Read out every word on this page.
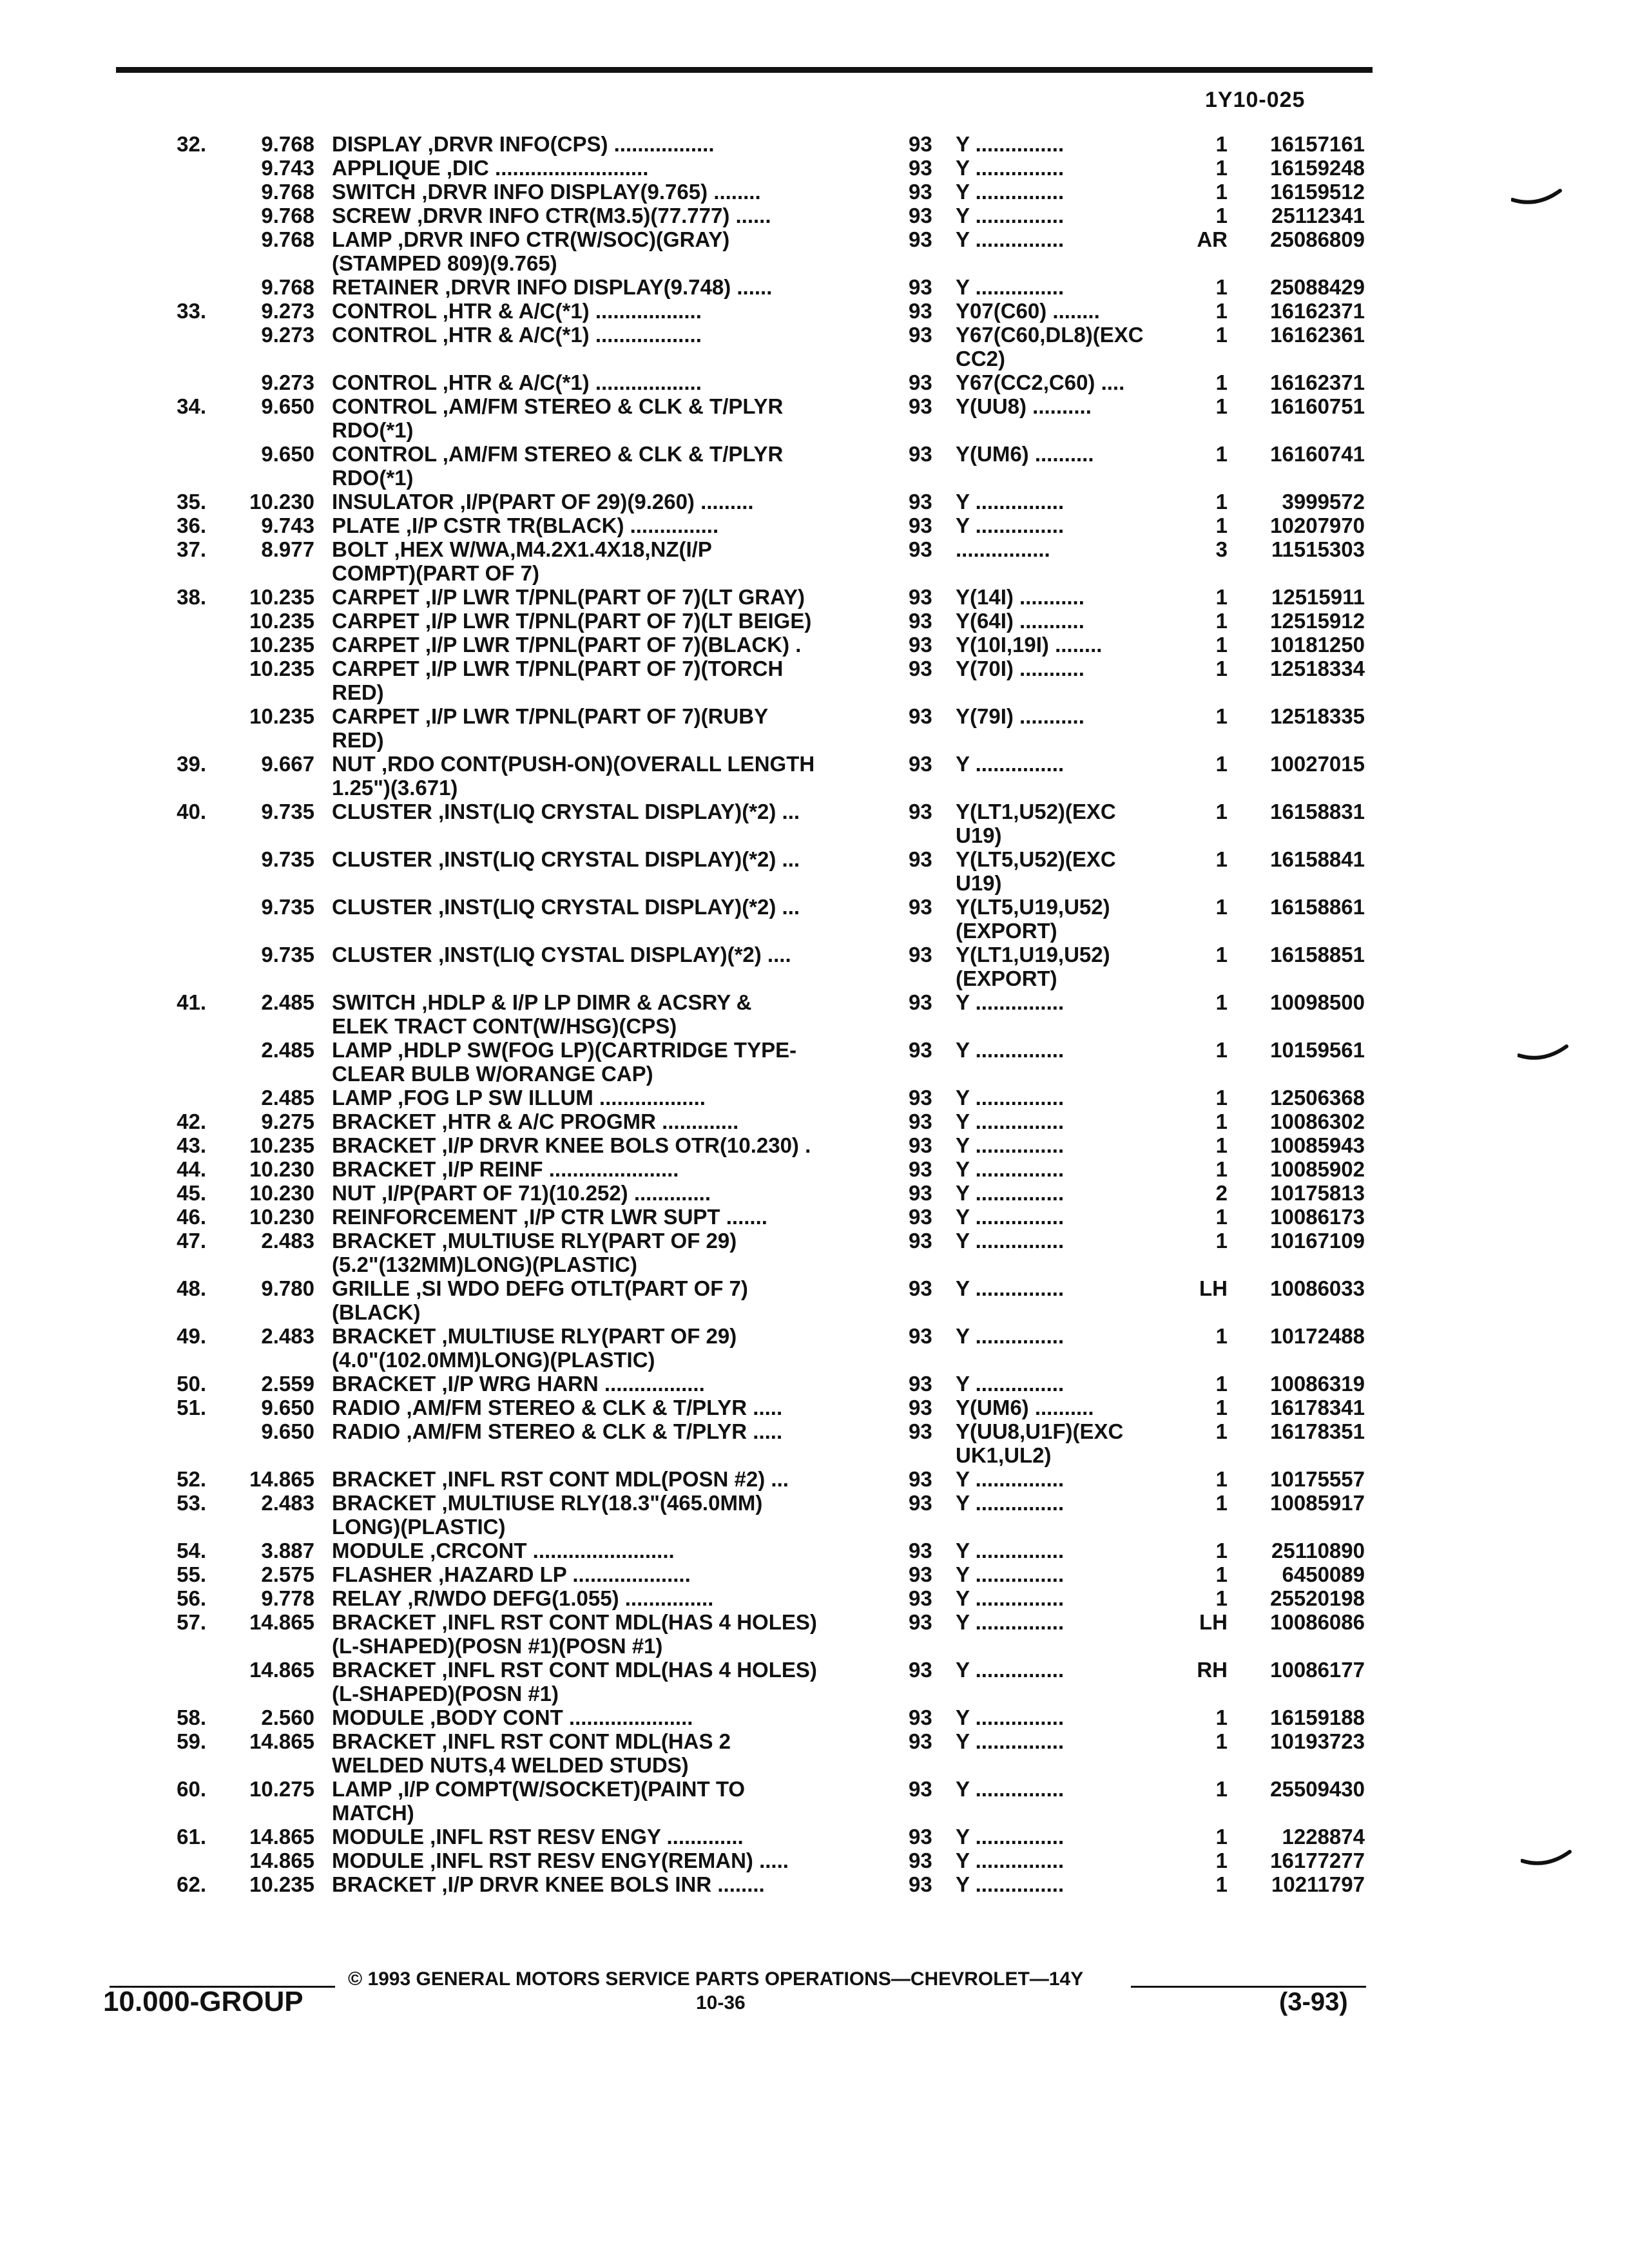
1Y10-025
32.	9.768 DISPLAY ,DRVR INFO(CPS) .................	93 Y ...............	1	16157161
9.743 APPLIQUE ,DIC ..........................	93 Y ...............	1	16159248
9.768 SWITCH ,DRVR INFO DISPLAY(9.765) ........	93 Y ...............	1	16159512
9.768 SCREW ,DRVR INFO CTR(M3.5)(77.777) ......	93 Y ...............	1	25112341
9.768 LAMP ,DRVR INFO CTR(W/SOC)(GRAY)	93 Y ...............	AR	25086809
(STAMPED 809)(9.765)
9.768 RETAINER ,DRVR INFO DISPLAY(9.748) ......	93 Y ...............	1	25088429
33.	9.273 CONTROL ,HTR & A/C(*1) ..................	93 Y07(C60) ........	1	16162371
9.273 CONTROL ,HTR & A/C(*1) ..................	93 Y67(C60,DL8)(EXC	1	16162361
CC2)
9.273 CONTROL ,HTR & A/C(*1) ..................	93 Y67(CC2,C60) ....	1	16162371
34.	9.650 CONTROL ,AM/FM STEREO & CLK & T/PLYR	93 Y(UU8) ..........	1	16160751
RDO(*1)
9.650 CONTROL ,AM/FM STEREO & CLK & T/PLYR	93 Y(UM6) ..........	1	16160741
RDO(*1)
35.	10.230 INSULATOR ,I/P(PART OF 29)(9.260) .........	93 Y ...............	1	3999572
36.	9.743 PLATE ,I/P CSTR TR(BLACK) ...............	93 Y ...............	1	10207970
37.	8.977 BOLT ,HEX W/WA,M4.2X1.4X18,NZ(I/P	93 ................	3	11515303
COMPT)(PART OF 7)
38.	10.235 CARPET ,I/P LWR T/PNL(PART OF 7)(LT GRAY)	93 Y(14I) ...........	1	12515911
10.235 CARPET ,I/P LWR T/PNL(PART OF 7)(LT BEIGE)	93 Y(64I) ...........	1	12515912
10.235 CARPET ,I/P LWR T/PNL(PART OF 7)(BLACK) .	93 Y(10I,19I) ........	1	10181250
10.235 CARPET ,I/P LWR T/PNL(PART OF 7)(TORCH	93 Y(70I) ...........	1	12518334
RED)
10.235 CARPET ,I/P LWR T/PNL(PART OF 7)(RUBY	93 Y(79I) ...........	1	12518335
RED)
39.	9.667 NUT ,RDO CONT(PUSH-ON)(OVERALL LENGTH	93 Y ...............	1	10027015
1.25")(3.671)
40.	9.735 CLUSTER ,INST(LIQ CRYSTAL DISPLAY)(*2) ...	93 Y(LT1,U52)(EXC	1	16158831
U19)
9.735 CLUSTER ,INST(LIQ CRYSTAL DISPLAY)(*2) ...	93 Y(LT5,U52)(EXC	1	16158841
U19)
9.735 CLUSTER ,INST(LIQ CRYSTAL DISPLAY)(*2) ...	93 Y(LT5,U19,U52)	1	16158861
(EXPORT)
9.735 CLUSTER ,INST(LIQ CYSTAL DISPLAY)(*2) ....	93 Y(LT1,U19,U52)	1	16158851
(EXPORT)
41.	2.485 SWITCH ,HDLP & I/P LP DIMR & ACSRY &	93 Y ...............	1	10098500
ELEK TRACT CONT(W/HSG)(CPS)
2.485 LAMP ,HDLP SW(FOG LP)(CARTRIDGE TYPE-	93 Y ...............	1	10159561
CLEAR BULB W/ORANGE CAP)
2.485 LAMP ,FOG LP SW ILLUM ..................	93 Y ...............	1	12506368
42.	9.275 BRACKET ,HTR & A/C PROGMR .............	93 Y ...............	1	10086302
43.	10.235 BRACKET ,I/P DRVR KNEE BOLS OTR(10.230) .	93 Y ...............	1	10085943
44.	10.230 BRACKET ,I/P REINF ......................	93 Y ...............	1	10085902
45.	10.230 NUT ,I/P(PART OF 71)(10.252) .............	93 Y ...............	2	10175813
46.	10.230 REINFORCEMENT ,I/P CTR LWR SUPT .......	93 Y ...............	1	10086173
47.	2.483 BRACKET ,MULTIUSE RLY(PART OF 29)	93 Y ...............	1	10167109
(5.2"(132MM)LONG)(PLASTIC)
48.	9.780 GRILLE ,SI WDO DEFG OTLT(PART OF 7)	93 Y ...............	LH	10086033
(BLACK)
49.	2.483 BRACKET ,MULTIUSE RLY(PART OF 29)	93 Y ...............	1	10172488
(4.0"(102.0MM)LONG)(PLASTIC)
50.	2.559 BRACKET ,I/P WRG HARN .................	93 Y ...............	1	10086319
51.	9.650 RADIO ,AM/FM STEREO & CLK & T/PLYR .....	93 Y(UM6) ..........	1	16178341
9.650 RADIO ,AM/FM STEREO & CLK & T/PLYR .....	93 Y(UU8,U1F)(EXC	1	16178351
UK1,UL2)
52.	14.865 BRACKET ,INFL RST CONT MDL(POSN #2) ...	93 Y ...............	1	10175557
53.	2.483 BRACKET ,MULTIUSE RLY(18.3"(465.0MM)	93 Y ...............	1	10085917
LONG)(PLASTIC)
54.	3.887 MODULE ,CRCONT ........................	93 Y ...............	1	25110890
55.	2.575 FLASHER ,HAZARD LP ....................	93 Y ...............	1	6450089
56.	9.778 RELAY ,R/WDO DEFG(1.055) ...............	93 Y ...............	1	25520198
57.	14.865 BRACKET ,INFL RST CONT MDL(HAS 4 HOLES)	93 Y ...............	LH	10086086
(L-SHAPED)(POSN #1)(POSN #1)
14.865 BRACKET ,INFL RST CONT MDL(HAS 4 HOLES)	93 Y ...............	RH	10086177
(L-SHAPED)(POSN #1)
58.	2.560 MODULE ,BODY CONT .....................	93 Y ...............	1	16159188
59.	14.865 BRACKET ,INFL RST CONT MDL(HAS 2	93 Y ...............	1	10193723
WELDED NUTS,4 WELDED STUDS)
60.	10.275 LAMP ,I/P COMPT(W/SOCKET)(PAINT TO	93 Y ...............	1	25509430
MATCH)
61.	14.865 MODULE ,INFL RST RESV ENGY .............	93 Y ...............	1	1228874
14.865 MODULE ,INFL RST RESV ENGY(REMAN) .....	93 Y ...............	1	16177277
62.	10.235 BRACKET ,I/P DRVR KNEE BOLS INR ........	93 Y ...............	1	10211797
© 1993 GENERAL MOTORS SERVICE PARTS OPERATIONS—CHEVROLET—14Y
10.000-GROUP	10-36	(3-93)
